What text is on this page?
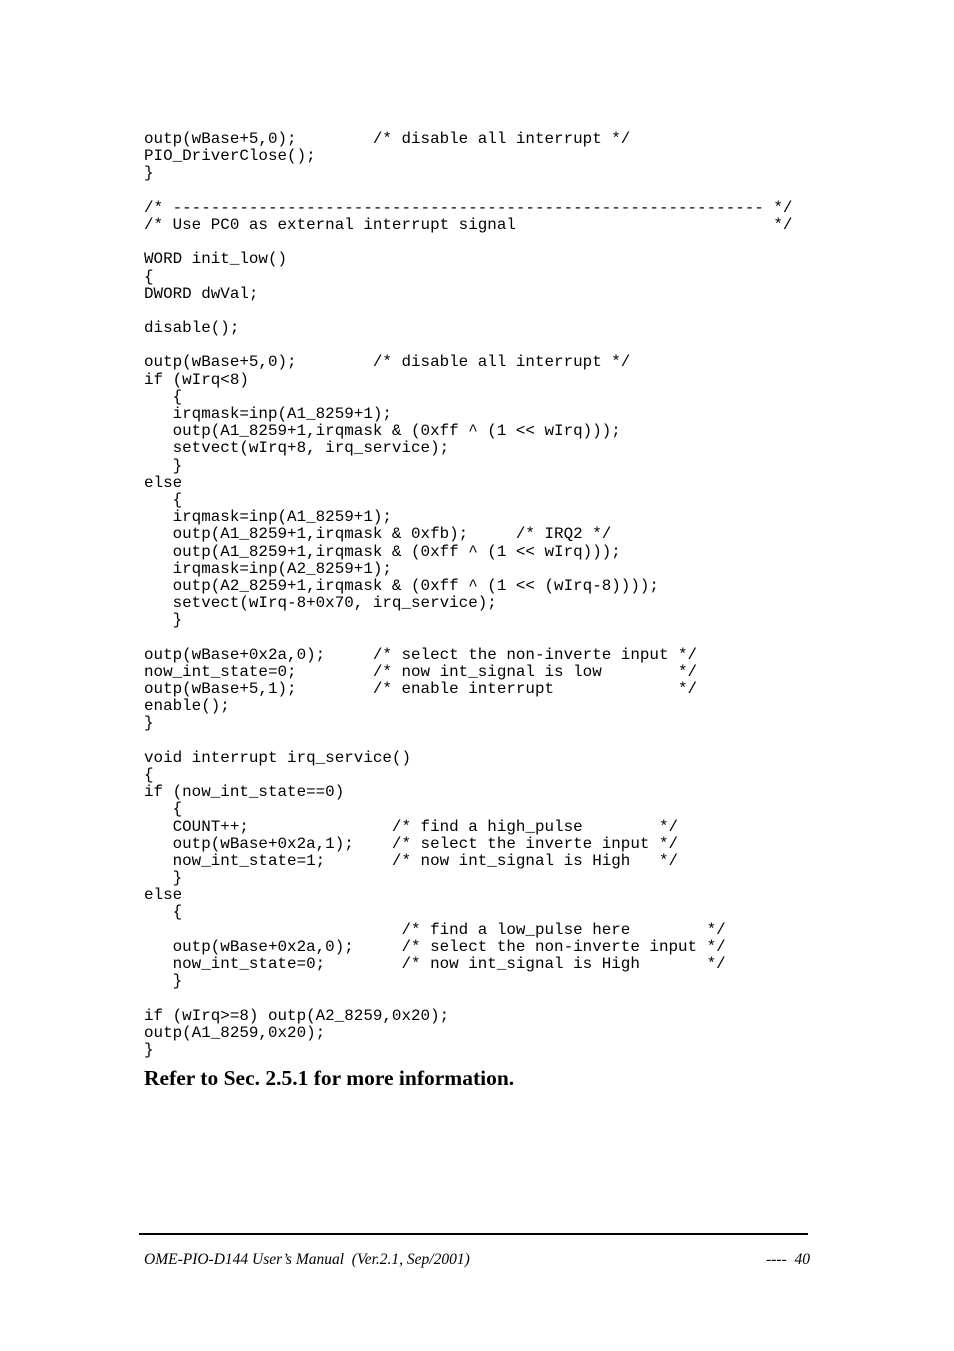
outp(wBase+5,0);        /* disable all interrupt */
PIO_DriverClose();
}
/* -------------------------------------------------------------- */
/* Use PC0 as external interrupt signal                           */
WORD init_low()
{
DWORD dwVal;
disable();
outp(wBase+5,0);        /* disable all interrupt */
if (wIrq<8)
{
irqmask=inp(A1_8259+1);
outp(A1_8259+1,irqmask & (0xff ^ (1 << wIrq)));
setvect(wIrq+8, irq_service);
}
else
{
irqmask=inp(A1_8259+1);
outp(A1_8259+1,irqmask & 0xfb);     /* IRQ2 */
outp(A1_8259+1,irqmask & (0xff ^ (1 << wIrq)));
irqmask=inp(A2_8259+1);
outp(A2_8259+1,irqmask & (0xff ^ (1 << (wIrq-8))));
setvect(wIrq-8+0x70, irq_service);
}
outp(wBase+0x2a,0);     /* select the non-inverte input */
now_int_state=0;        /* now int_signal is low        */
outp(wBase+5,1);        /* enable interrupt             */
enable();
}
void interrupt irq_service()
{
if (now_int_state==0)
{
COUNT++;               /* find a high_pulse        */
outp(wBase+0x2a,1);    /* select the inverte input */
now_int_state=1;       /* now int_signal is High   */
}
else
{
/* find a low_pulse here        */
outp(wBase+0x2a,0);     /* select the non-inverte input */
now_int_state=0;        /* now int_signal is High       */
}
if (wIrq>=8) outp(A2_8259,0x20);
outp(A1_8259,0x20);
}
Refer to Sec. 2.5.1 for more information.
OME-PIO-D144 User’s Manual  (Ver.2.1, Sep/2001)	----  40
